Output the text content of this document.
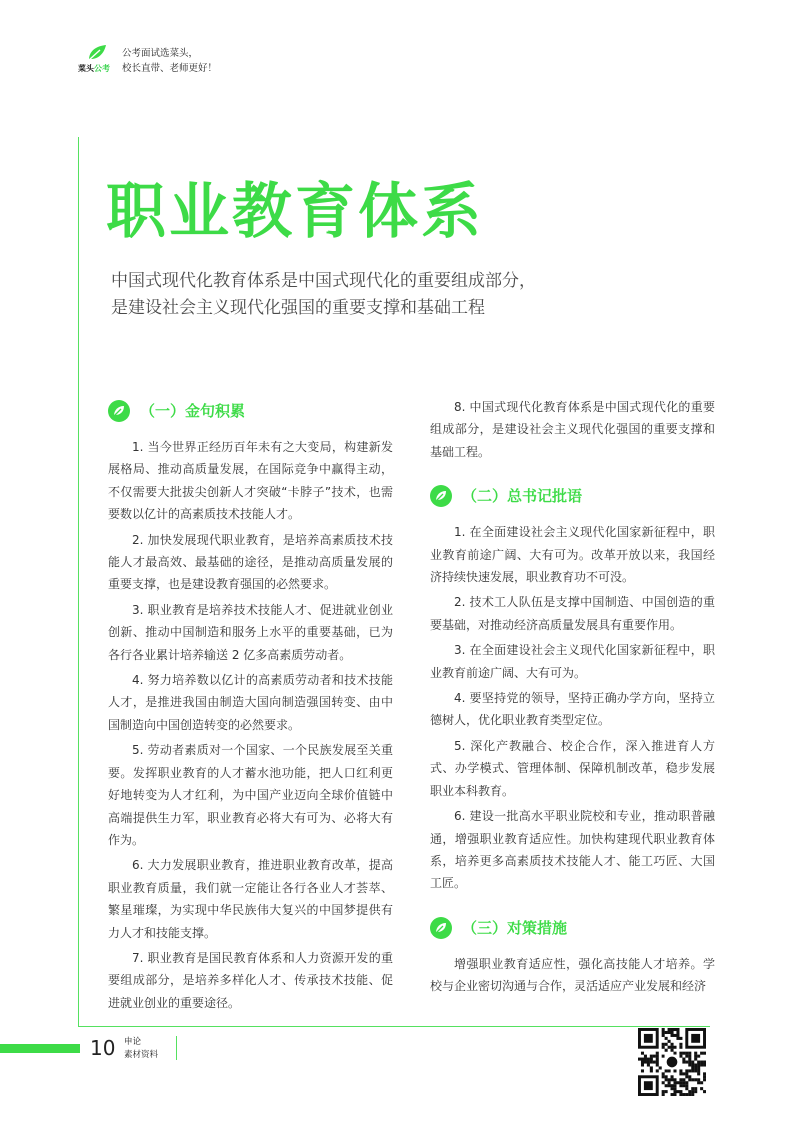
菜头公考
公考面试选菜头，
校长直带、老师更好！
职业教育体系
中国式现代化教育体系是中国式现代化的重要组成部分，
是建设社会主义现代化强国的重要支撑和基础工程
（一）金句积累

1. 当今世界正经历百年未有之大变局，构建新发展格局、推动高质量发展，在国际竞争中赢得主动，不仅需要大批拔尖创新人才突破“卡脖子”技术，也需要数以亿计的高素质技术技能人才。

2. 加快发展现代职业教育，是培养高素质技术技能人才最高效、最基础的途径，是推动高质量发展的重要支撑，也是建设教育强国的必然要求。

3. 职业教育是培养技术技能人才、促进就业创业创新、推动中国制造和服务上水平的重要基础，已为各行各业累计培养输送 2 亿多高素质劳动者。

4. 努力培养数以亿计的高素质劳动者和技术技能人才，是推进我国由制造大国向制造强国转变、由中国制造向中国创造转变的必然要求。

5. 劳动者素质对一个国家、一个民族发展至关重要。发挥职业教育的人才蓄水池功能，把人口红利更好地转变为人才红利，为中国产业迈向全球价值链中高端提供生力军，职业教育必将大有可为、必将大有作为。

6. 大力发展职业教育，推进职业教育改革，提高职业教育质量，我们就一定能让各行各业人才荟萃、繁星璀璨，为实现中华民族伟大复兴的中国梦提供有力人才和技能支撑。

7. 职业教育是国民教育体系和人力资源开发的重要组成部分，是培养多样化人才、传承技术技能、促进就业创业的重要途径。

8. 中国式现代化教育体系是中国式现代化的重要组成部分，是建设社会主义现代化强国的重要支撑和基础工程。

（二）总书记批语

1. 在全面建设社会主义现代化国家新征程中，职业教育前途广阔、大有可为。改革开放以来，我国经济持续快速发展，职业教育功不可没。

2. 技术工人队伍是支撑中国制造、中国创造的重要基础，对推动经济高质量发展具有重要作用。

3. 在全面建设社会主义现代化国家新征程中，职业教育前途广阔、大有可为。

4. 要坚持党的领导，坚持正确办学方向，坚持立德树人，优化职业教育类型定位。

5. 深化产教融合、校企合作，深入推进育人方式、办学模式、管理体制、保障机制改革，稳步发展职业本科教育。

6. 建设一批高水平职业院校和专业，推动职普融通，增强职业教育适应性。加快构建现代职业教育体系，培养更多高素质技术技能人才、能工巧匠、大国工匠。

（三）对策措施

增强职业教育适应性，强化高技能人才培养。学校与企业密切沟通与合作，灵活适应产业发展和经济

10 申论
素材资料
